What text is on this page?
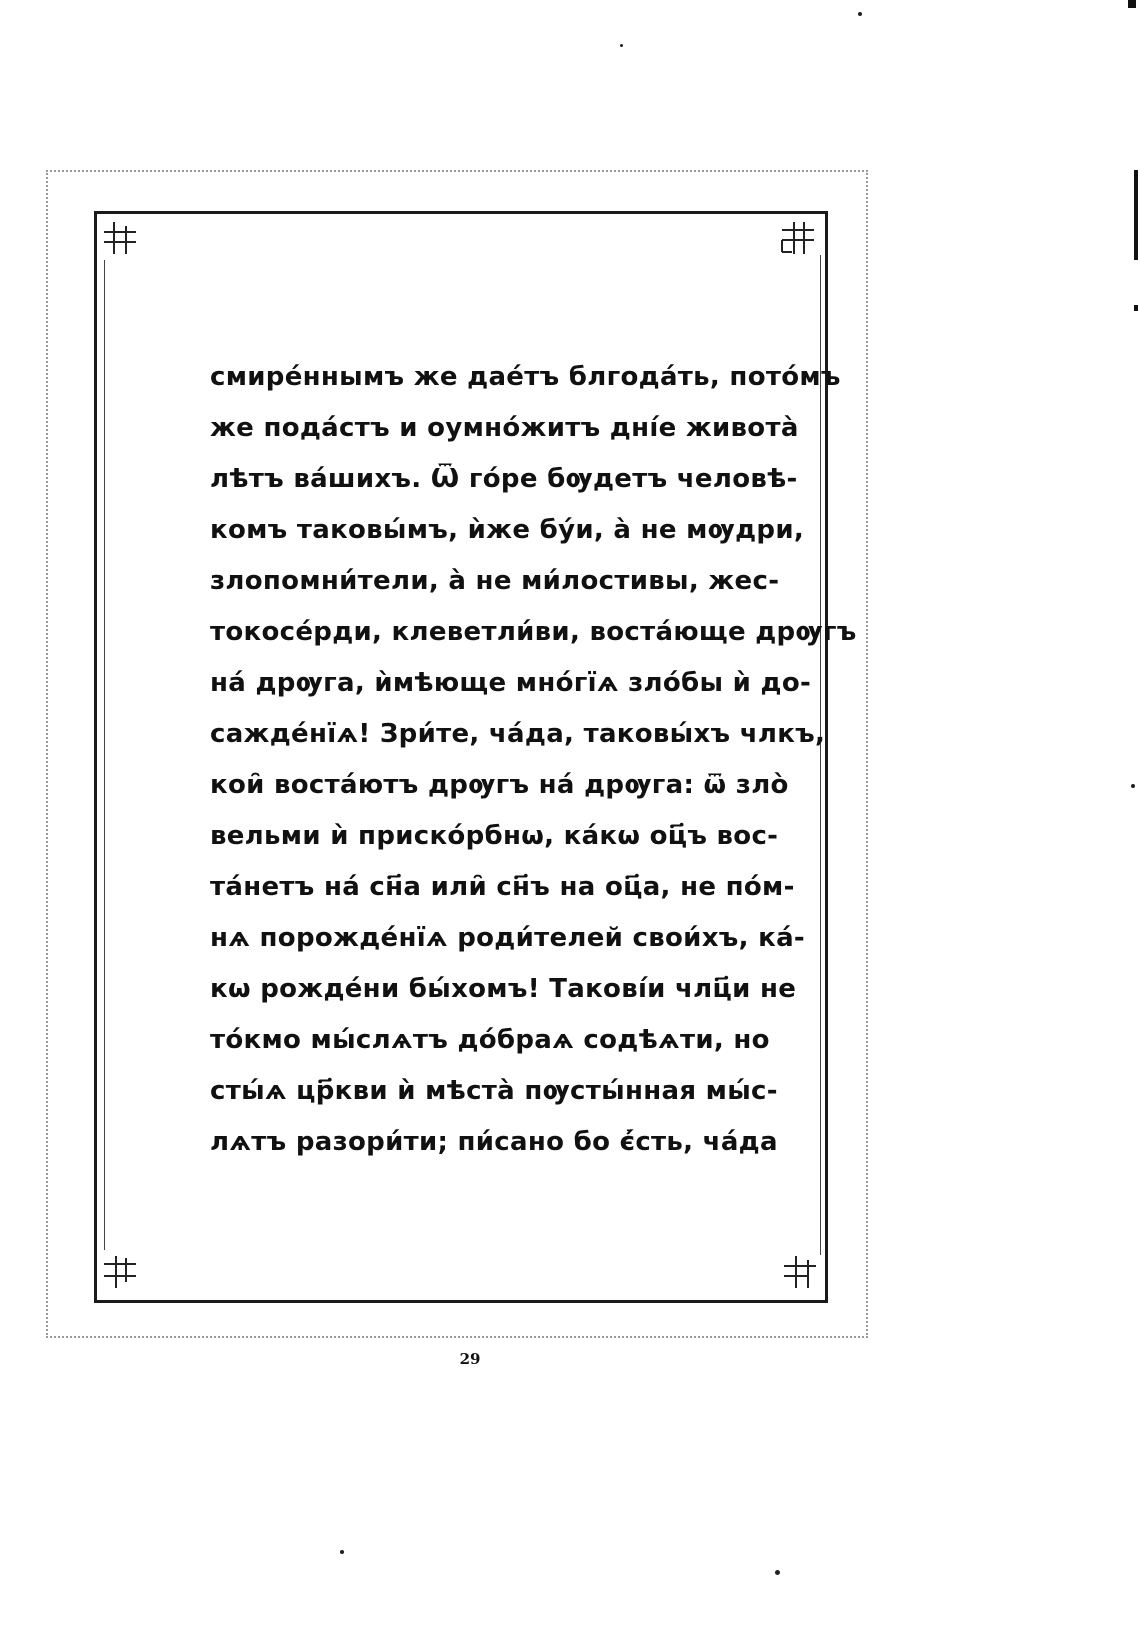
смирéннымъ же даéтъ блгодáть, потóмъ
же подáстъ и оумнóжитъ днíе животà
лѣтъ вáшихъ. Ѿ гóре бѹдетъ человѣ-
комъ таковы́мъ, ѝже бýи, à не мѹдри,
злопомни́тели, à не ми́лостивы, жес-
токосéрди, клеветли́ви, востáюще дрѹгъ
нá дрѹга, ѝмѣюще мнóгїѧ злóбы ѝ до-
саждéнїѧ! Зри́те, чáда, таковы́хъ члкъ,
кои̑ востáютъ дрѹгъ нá дрѹга: ѿ злò
вельми ѝ прискóрбнѡ, кáкѡ оц҃ъ вос-
тáнетъ нá сн҃а или̑ сн҃ъ на оц҃а, не пóм-
нѧ порождéнїѧ роди́телей свои́хъ, кá-
кѡ рождéни бы́хомъ! Таковíи члц҃и не
тóкмо мы́слѧтъ дóбраѧ содѣѧти, но
сты́ѧ цр҃кви ѝ мѣстà пѹсты́нная мы́с-
лѧтъ разори́ти; пи́сано бо є҆́сть, чáда
29
